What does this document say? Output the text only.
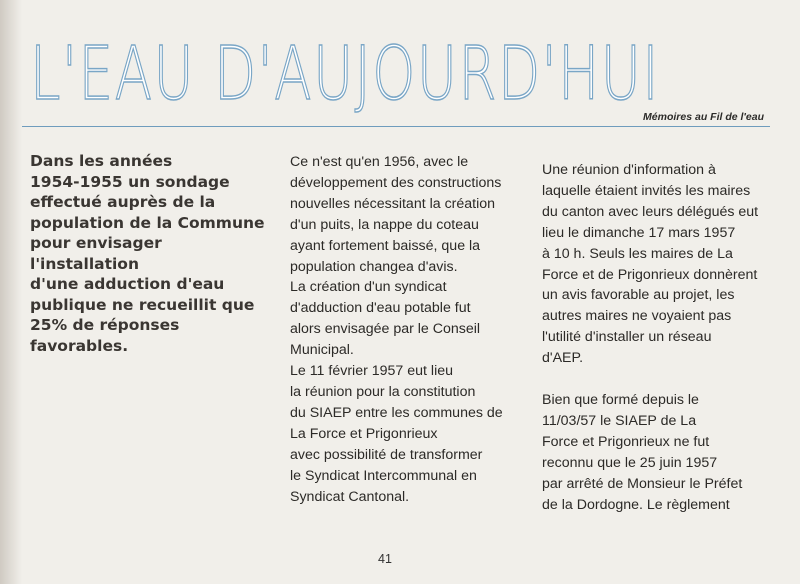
L'EAU D'AUJOURD'HUI
Mémoires au Fil de l'eau

Dans les années
1954-1955 un sondage
effectué auprès de la
population de la Commune
pour envisager l'installation
d'une adduction d'eau
publique ne recueillit que
25% de réponses
favorables.

Ce n'est qu'en 1956, avec le
développement des constructions
nouvelles nécessitant la création
d'un puits, la nappe du coteau
ayant fortement baissé, que la
population changea d'avis.

La création d'un syndicat
d'adduction d'eau potable fut
alors envisagée par le Conseil
Municipal.

Le 11 février 1957 eut lieu
la réunion pour la constitution
du SIAEP entre les communes de
La Force et Prigonrieux
avec possibilité de transformer
le Syndicat Intercommunal en
Syndicat Cantonal.

Une réunion d'information à
laquelle étaient invités les maires
du canton avec leurs délégués eut
lieu le dimanche 17 mars 1957
à 10 h. Seuls les maires de La
Force et de Prigonrieux donnèrent
un avis favorable au projet, les
autres maires ne voyaient pas
l'utilité d'installer un réseau
d'AEP.

Bien que formé depuis le
11/03/57 le SIAEP de La
Force et Prigonrieux ne fut
reconnu que le 25 juin 1957
par arrêté de Monsieur le Préfet
de la Dordogne. Le règlement

41
